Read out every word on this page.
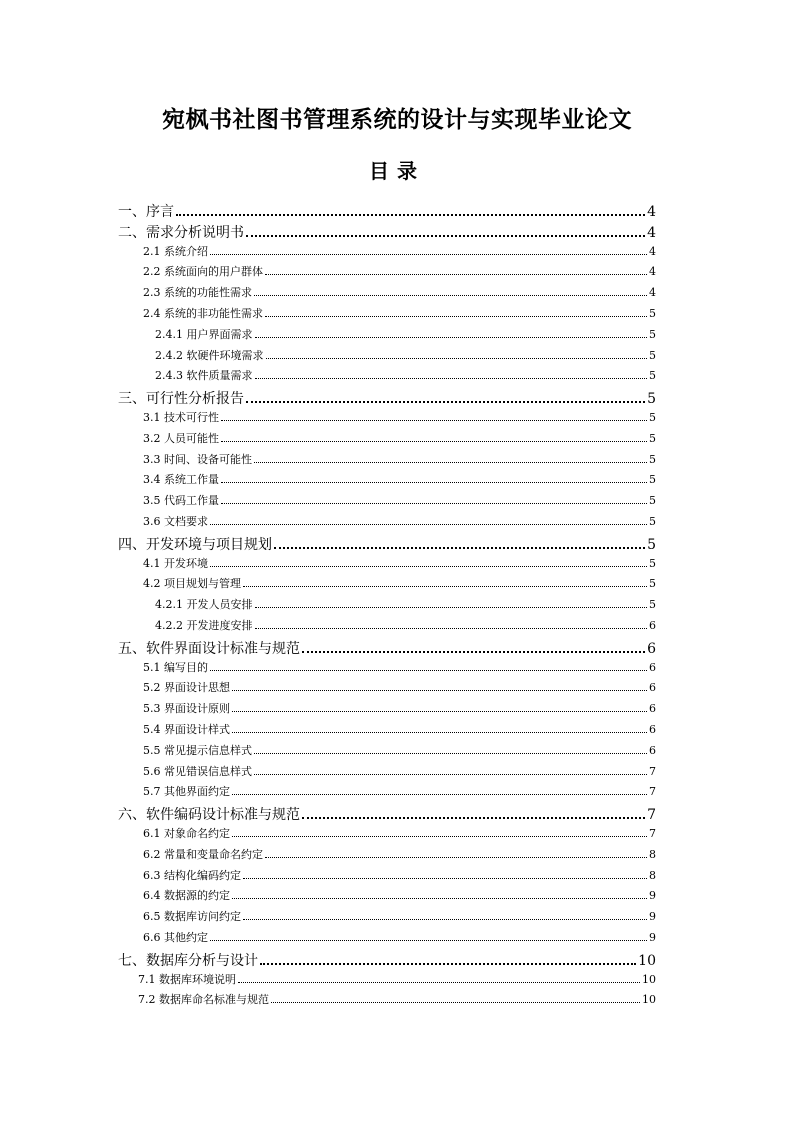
宛枫书社图书管理系统的设计与实现毕业论文
目录
一、序言	4
二、需求分析说明书	4
2.1 系统介绍	4
2.2 系统面向的用户群体	4
2.3 系统的功能性需求	4
2.4 系统的非功能性需求	5
2.4.1 用户界面需求	5
2.4.2 软硬件环境需求	5
2.4.3 软件质量需求	5
三、可行性分析报告	5
3.1 技术可行性	5
3.2 人员可能性	5
3.3 时间、设备可能性	5
3.4 系统工作量	5
3.5 代码工作量	5
3.6 文档要求	5
四、开发环境与项目规划	5
4.1 开发环境	5
4.2 项目规划与管理	5
4.2.1 开发人员安排	5
4.2.2 开发进度安排	6
五、软件界面设计标准与规范	6
5.1 编写目的	6
5.2 界面设计思想	6
5.3 界面设计原则	6
5.4 界面设计样式	6
5.5 常见提示信息样式	6
5.6 常见错误信息样式	7
5.7 其他界面约定	7
六、软件编码设计标准与规范	7
6.1 对象命名约定	7
6.2 常量和变量命名约定	8
6.3 结构化编码约定	8
6.4 数据源的约定	9
6.5 数据库访问约定	9
6.6 其他约定	9
七、数据库分析与设计	10
7.1 数据库环境说明	10
7.2 数据库命名标准与规范	10
